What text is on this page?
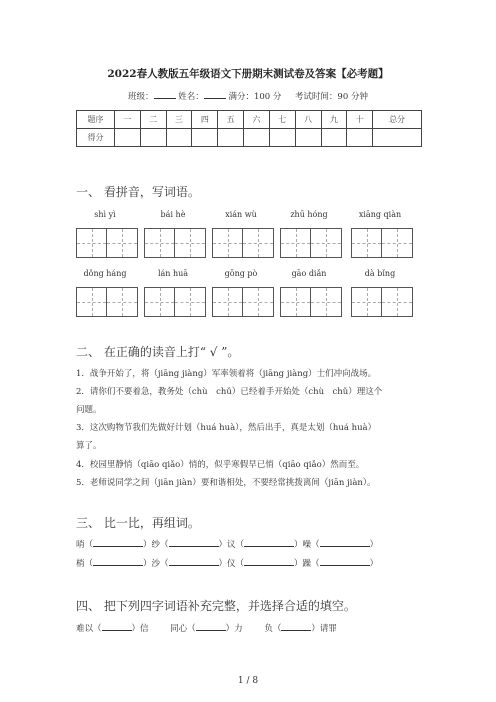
2022春人教版五年级语文下册期末测试卷及答案【必考题】
班级：	姓名：	满分：100 分 考试时间：90 分钟
题序	一	二	三	四	五	六	七	八	九	十	总分
得分											
一、 看拼音，写词语。
shì yì	bái hè	xián wù	zhū hóng	xiāng qiàn
dǒng háng	lán huā	gōng pò	gāo diǎn	dà bǐng
二、 在正确的读音上打“ √ ”。
1．战争开始了，将（jiāng jiàng）军率领着将（jiāng jiàng）士们冲向战场。
2．请你们不要着急，教务处（chù　chǔ）已经着手开始处（chù　chǔ）理这个
问题。
3．这次购物节我们先做好计划（huá huà），然后出手，真是太划（huá huà）
算了。
4．校园里静悄（qiāo qiǎo）悄的，似乎寒假早已悄（qiāo qiǎo）然而至。
5．老师说同学之间（jiān jiàn）要和谐相处，不要经常挑拨离间（jiān jiàn）。
三、 比一比，再组词。
哨（	）纱（	）议（	）噪（	）
梢（	）沙（	）仪（	）躁（	）
四、 把下列四字词语补充完整，并选择合适的填空。
难以（	）信	同心（	）力	负（	）请罪
1 / 8
